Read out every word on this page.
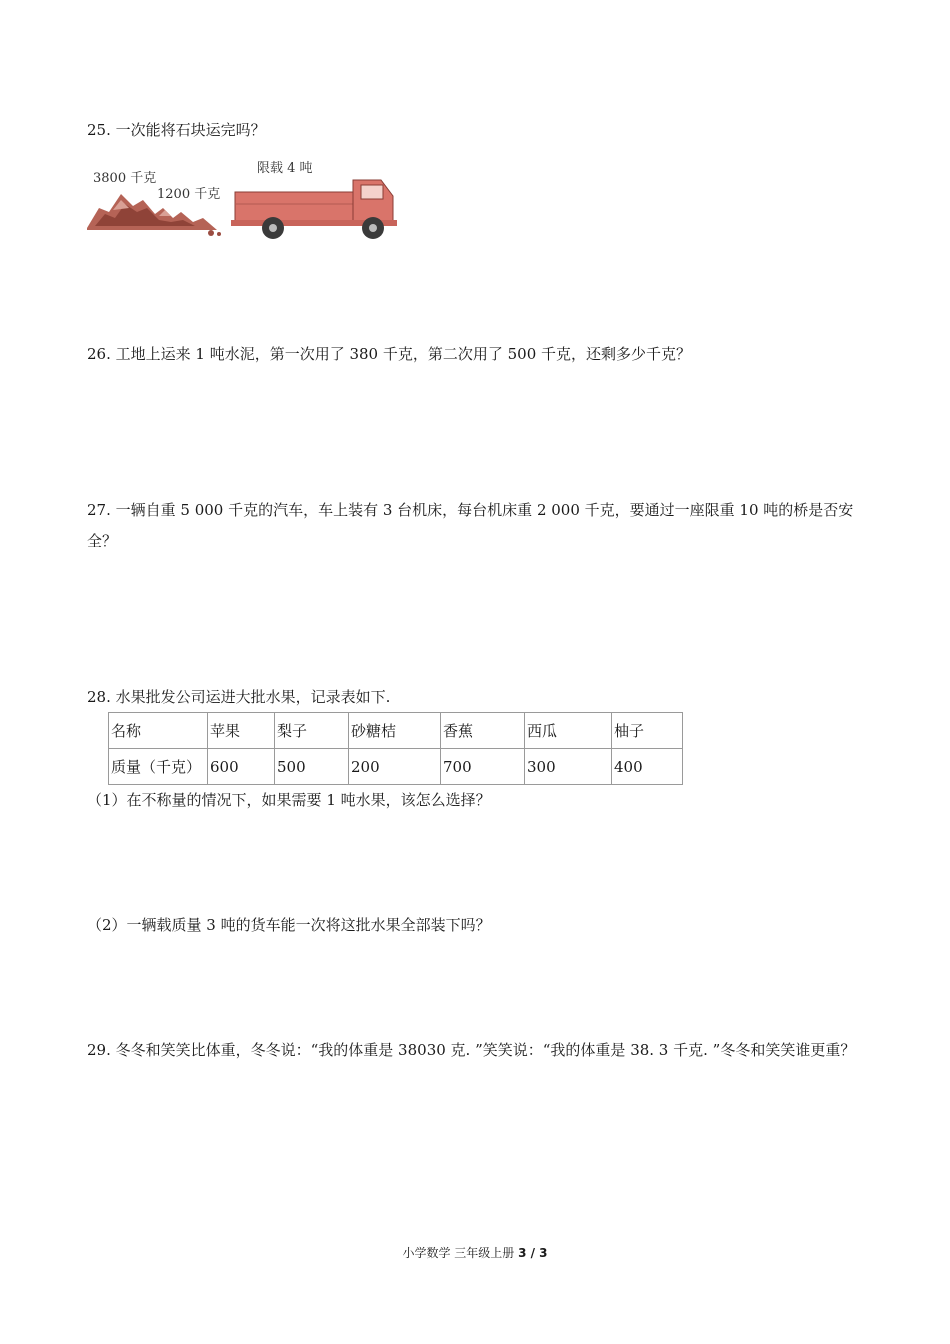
25. 一次能将石块运完吗？
3800 千克
1200 千克
限载 4 吨
26. 工地上运来 1 吨水泥，第一次用了 380 千克，第二次用了 500 千克，还剩多少千克？
27. 一辆自重 5 000 千克的汽车，车上装有 3 台机床，每台机床重 2 000 千克，要通过一座限重 10 吨的桥是否安全？
28. 水果批发公司运进大批水果，记录表如下.
名称	苹果	梨子	砂糖桔	香蕉	西瓜	柚子
质量（千克）	600	500	200	700	300	400
（1）在不称量的情况下，如果需要 1 吨水果，该怎么选择？
（2）一辆载质量 3 吨的货车能一次将这批水果全部装下吗？
29. 冬冬和笑笑比体重，冬冬说：“我的体重是 38030 克. ”笑笑说：“我的体重是 38. 3 千克. ”冬冬和笑笑谁更重？
小学数学 三年级上册 3 / 3
